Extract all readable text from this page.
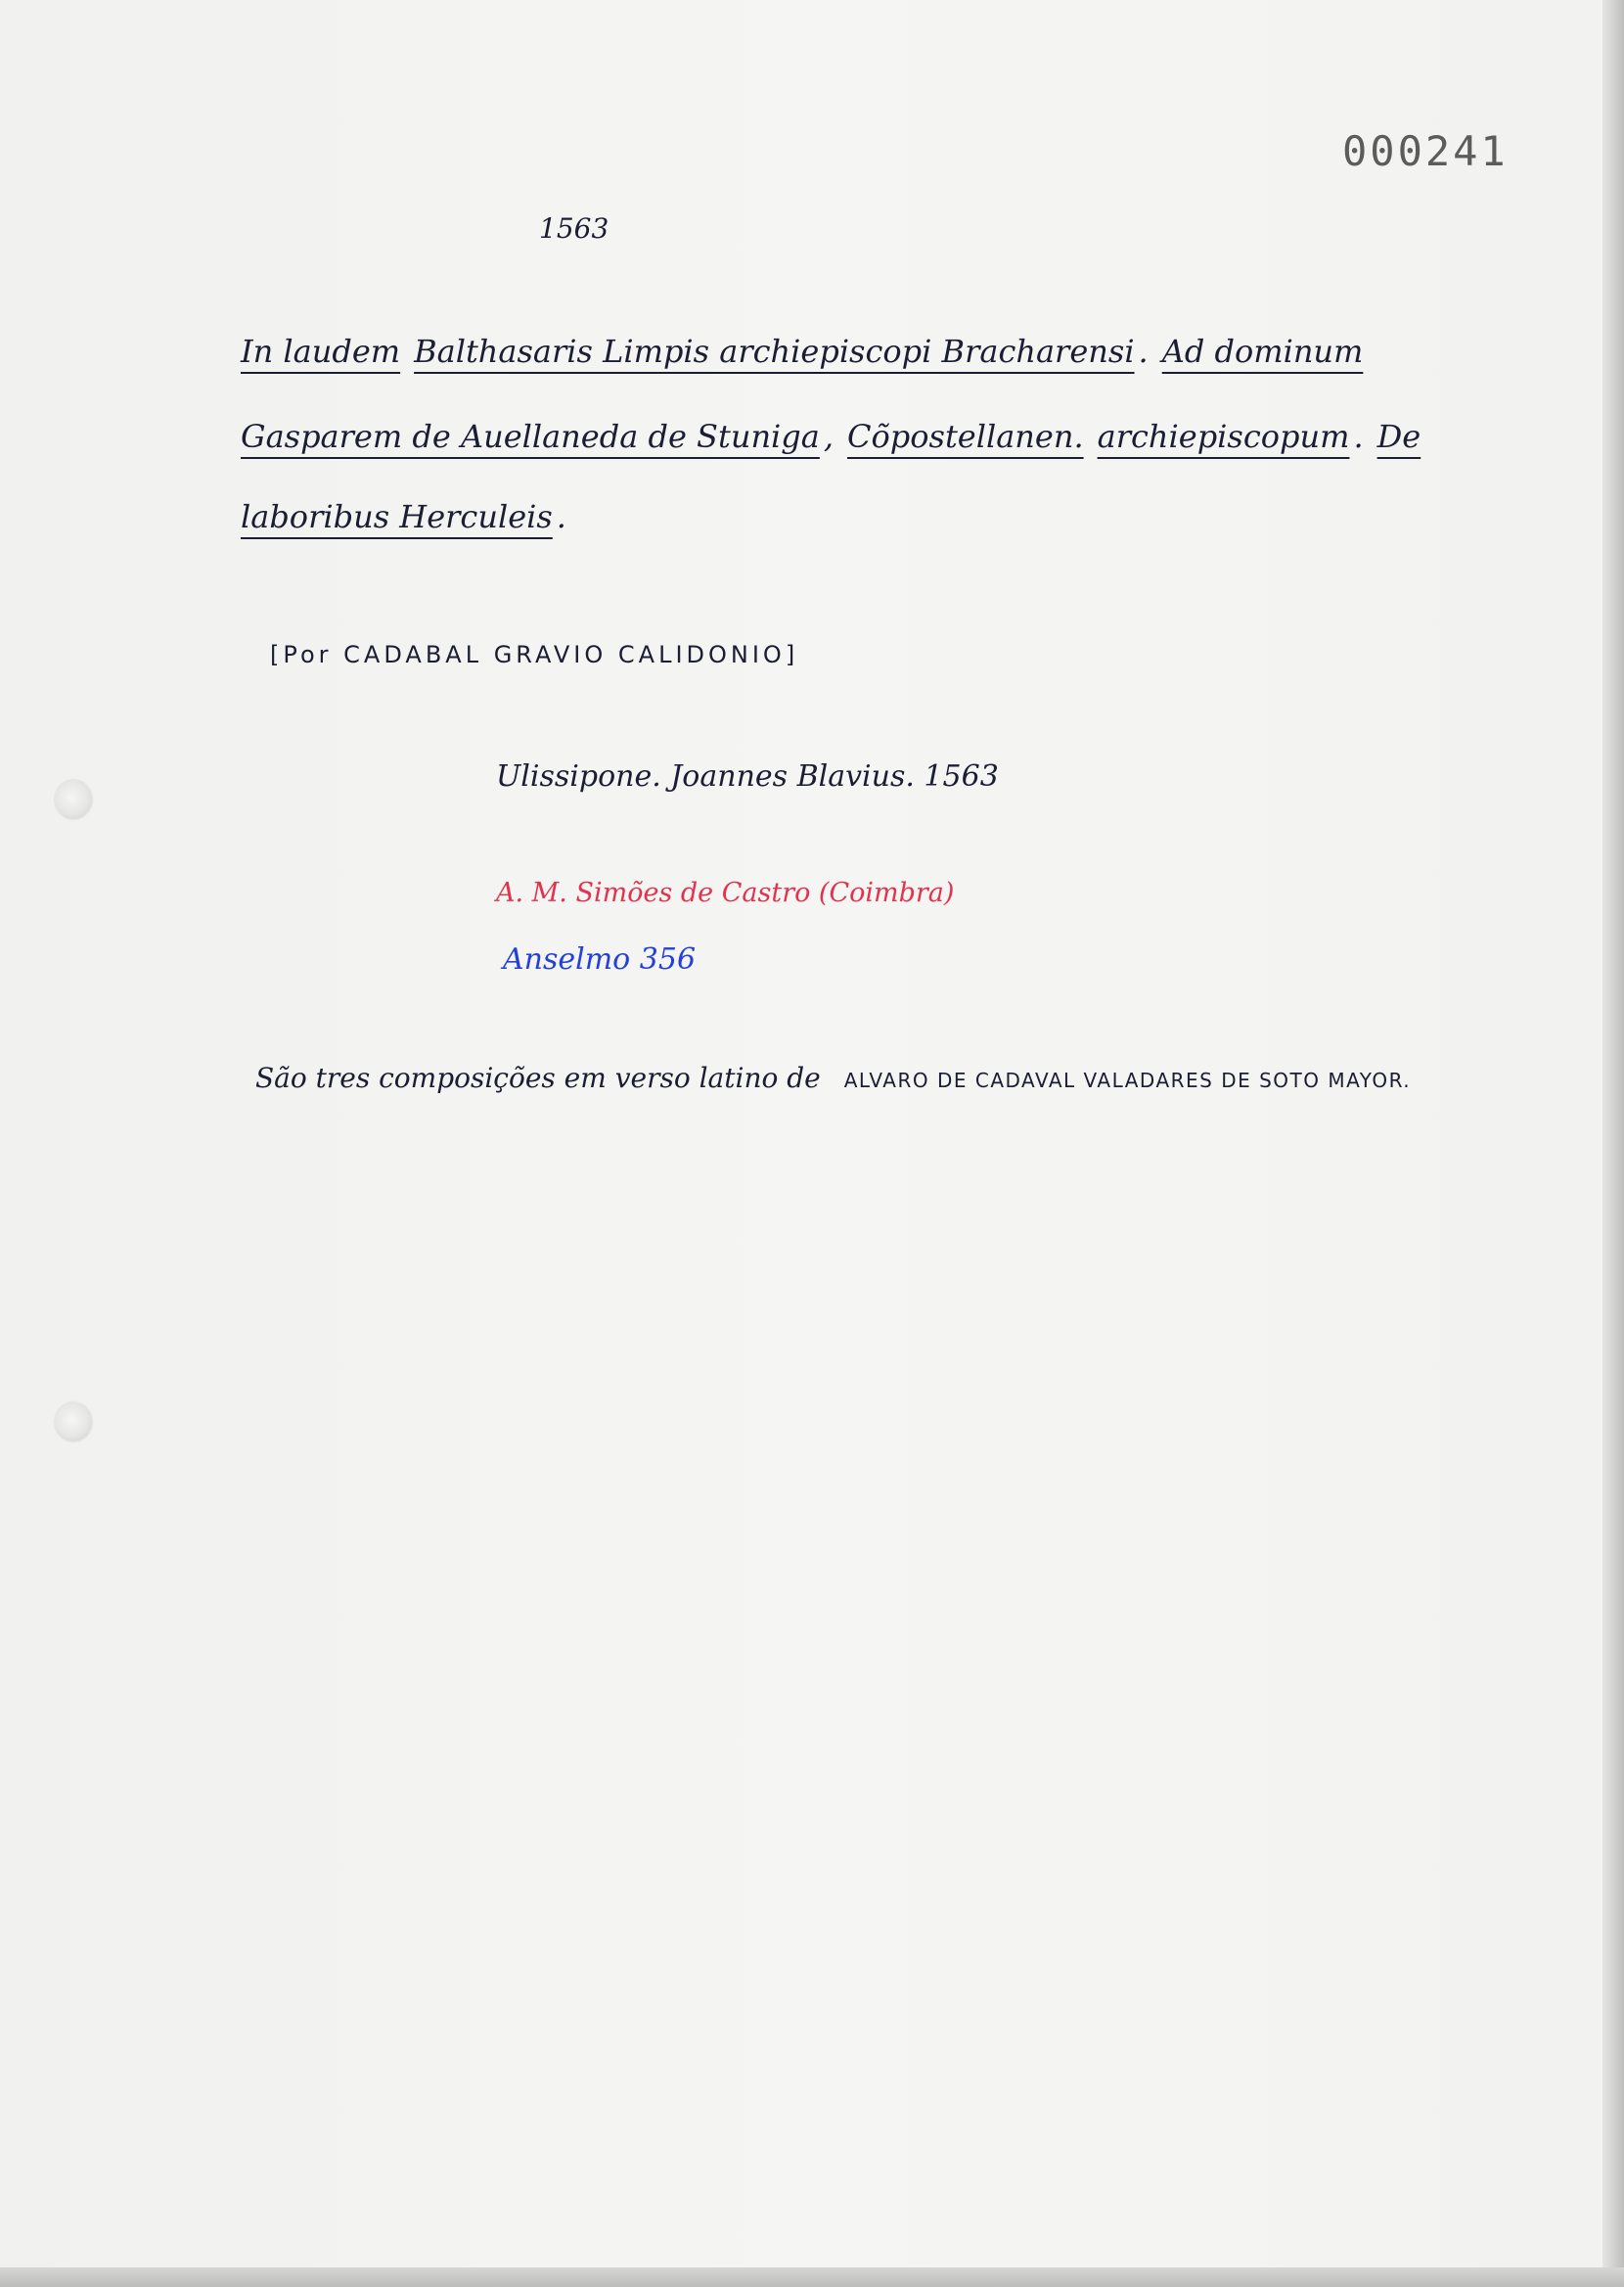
000241
1563
In laudem Balthasaris Limpis archiepiscopi Bracharensi . Ad dominum
Gasparem de Auellaneda de Stuniga , Cõpostellanen. archiepiscopum . De
laboribus Herculeis .
[Por CADABAL GRAVIO CALIDONIO]
Ulissipone. Joannes Blavius. 1563
A. M. Simões de Castro (Coimbra)
Anselmo 356
São tres composições em verso latino de ALVARO DE CADAVAL VALADARES DE SOTO MAYOR.
